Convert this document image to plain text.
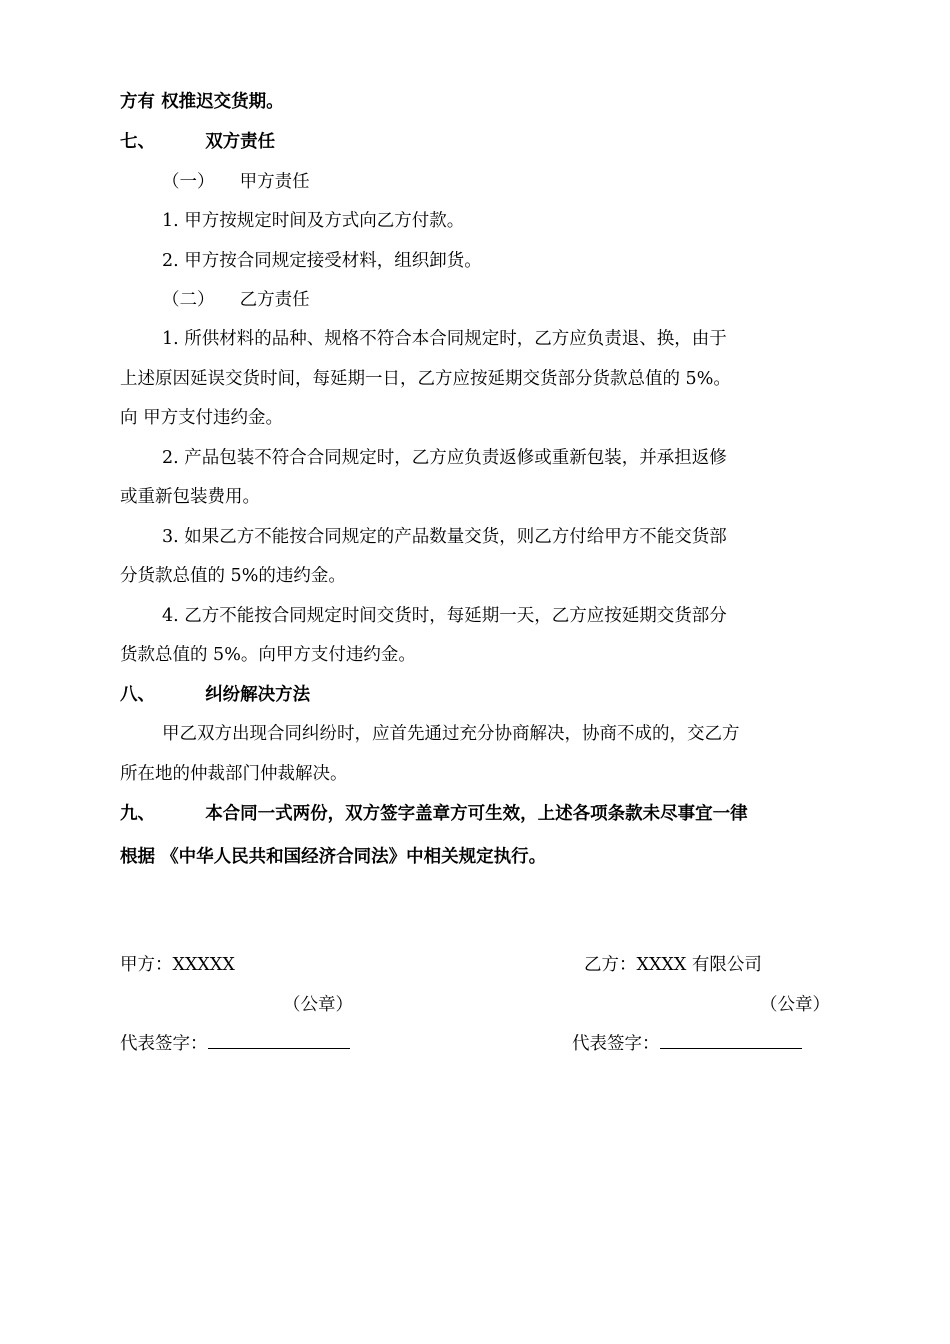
方有 权推迟交货期。
七、	双方责任
（一） 甲方责任
1. 甲方按规定时间及方式向乙方付款。
2. 甲方按合同规定接受材料，组织卸货。
（二） 乙方责任
1. 所供材料的品种、规格不符合本合同规定时，乙方应负责退、换，由于
上述原因延误交货时间，每延期一日，乙方应按延期交货部分货款总值的 5%。
向 甲方支付违约金。
2. 产品包装不符合合同规定时，乙方应负责返修或重新包装，并承担返修
或重新包装费用。
3. 如果乙方不能按合同规定的产品数量交货，则乙方付给甲方不能交货部
分货款总值的 5%的违约金。
4. 乙方不能按合同规定时间交货时，每延期一天，乙方应按延期交货部分
货款总值的 5%。向甲方支付违约金。
八、	纠纷解决方法
甲乙双方出现合同纠纷时，应首先通过充分协商解决，协商不成的，交乙方
所在地的仲裁部门仲裁解决。
九、	本合同一式两份，双方签字盖章方可生效，上述各项条款未尽事宜一律
根据 《中华人民共和国经济合同法》中相关规定执行。
甲方：XXXXX	乙方：XXXX 有限公司
（公章）	（公章）
代表签字：	代表签字：
